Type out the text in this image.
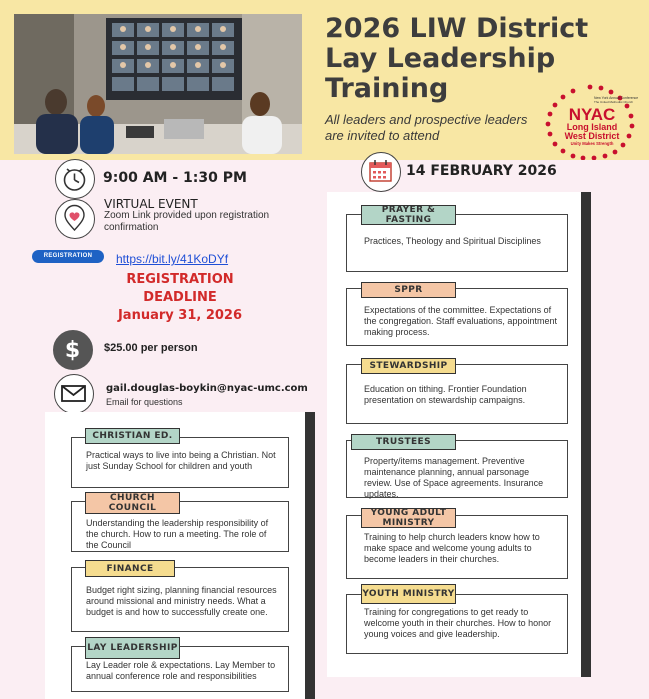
2026 LIW District
Lay Leadership
Training
All leaders and prospective leaders are invited to attend
New York Annual Conference
The United Methodist Church
NYAC
Long Island
West District
Unity Makes Strength
9:00 AM - 1:30 PM	14 FEBRUARY 2026
VIRTUAL EVENT
Zoom Link provided upon registration confirmation
REGISTRATION	https://bit.ly/41KoDYf
REGISTRATION
DEADLINE
January 31, 2026
$ $25.00 per person
gail.douglas-boykin@nyac-umc.com
Email for questions
CHRISTIAN ED.
Practical ways to live into being a Christian. Not just Sunday School for children and youth
CHURCH COUNCIL
Understanding the leadership responsibility of the church. How to run a meeting. The role of the Council
FINANCE
Budget right sizing, planning financial resources around missional and ministry needs. What a budget is and how to successfully create one.
LAY LEADERSHIP
Lay Leader role & expectations. Lay Member to annual conference role and responsibilities
PRAYER & FASTING
Practices, Theology and Spiritual Disciplines
SPPR
Expectations of the committee. Expectations of the congregation. Staff evaluations, appointment making process.
STEWARDSHIP
Education on tithing. Frontier Foundation presentation on stewardship campaigns.
TRUSTEES
Property/items management. Preventive maintenance planning, annual parsonage review. Use of Space agreements. Insurance updates.
YOUNG ADULT MINISTRY
Training to help church leaders know how to make space and welcome young adults to become leaders in their churches.
YOUTH MINISTRY
Training for congregations to get ready to welcome youth in their churches. How to honor young voices and give leadership.
